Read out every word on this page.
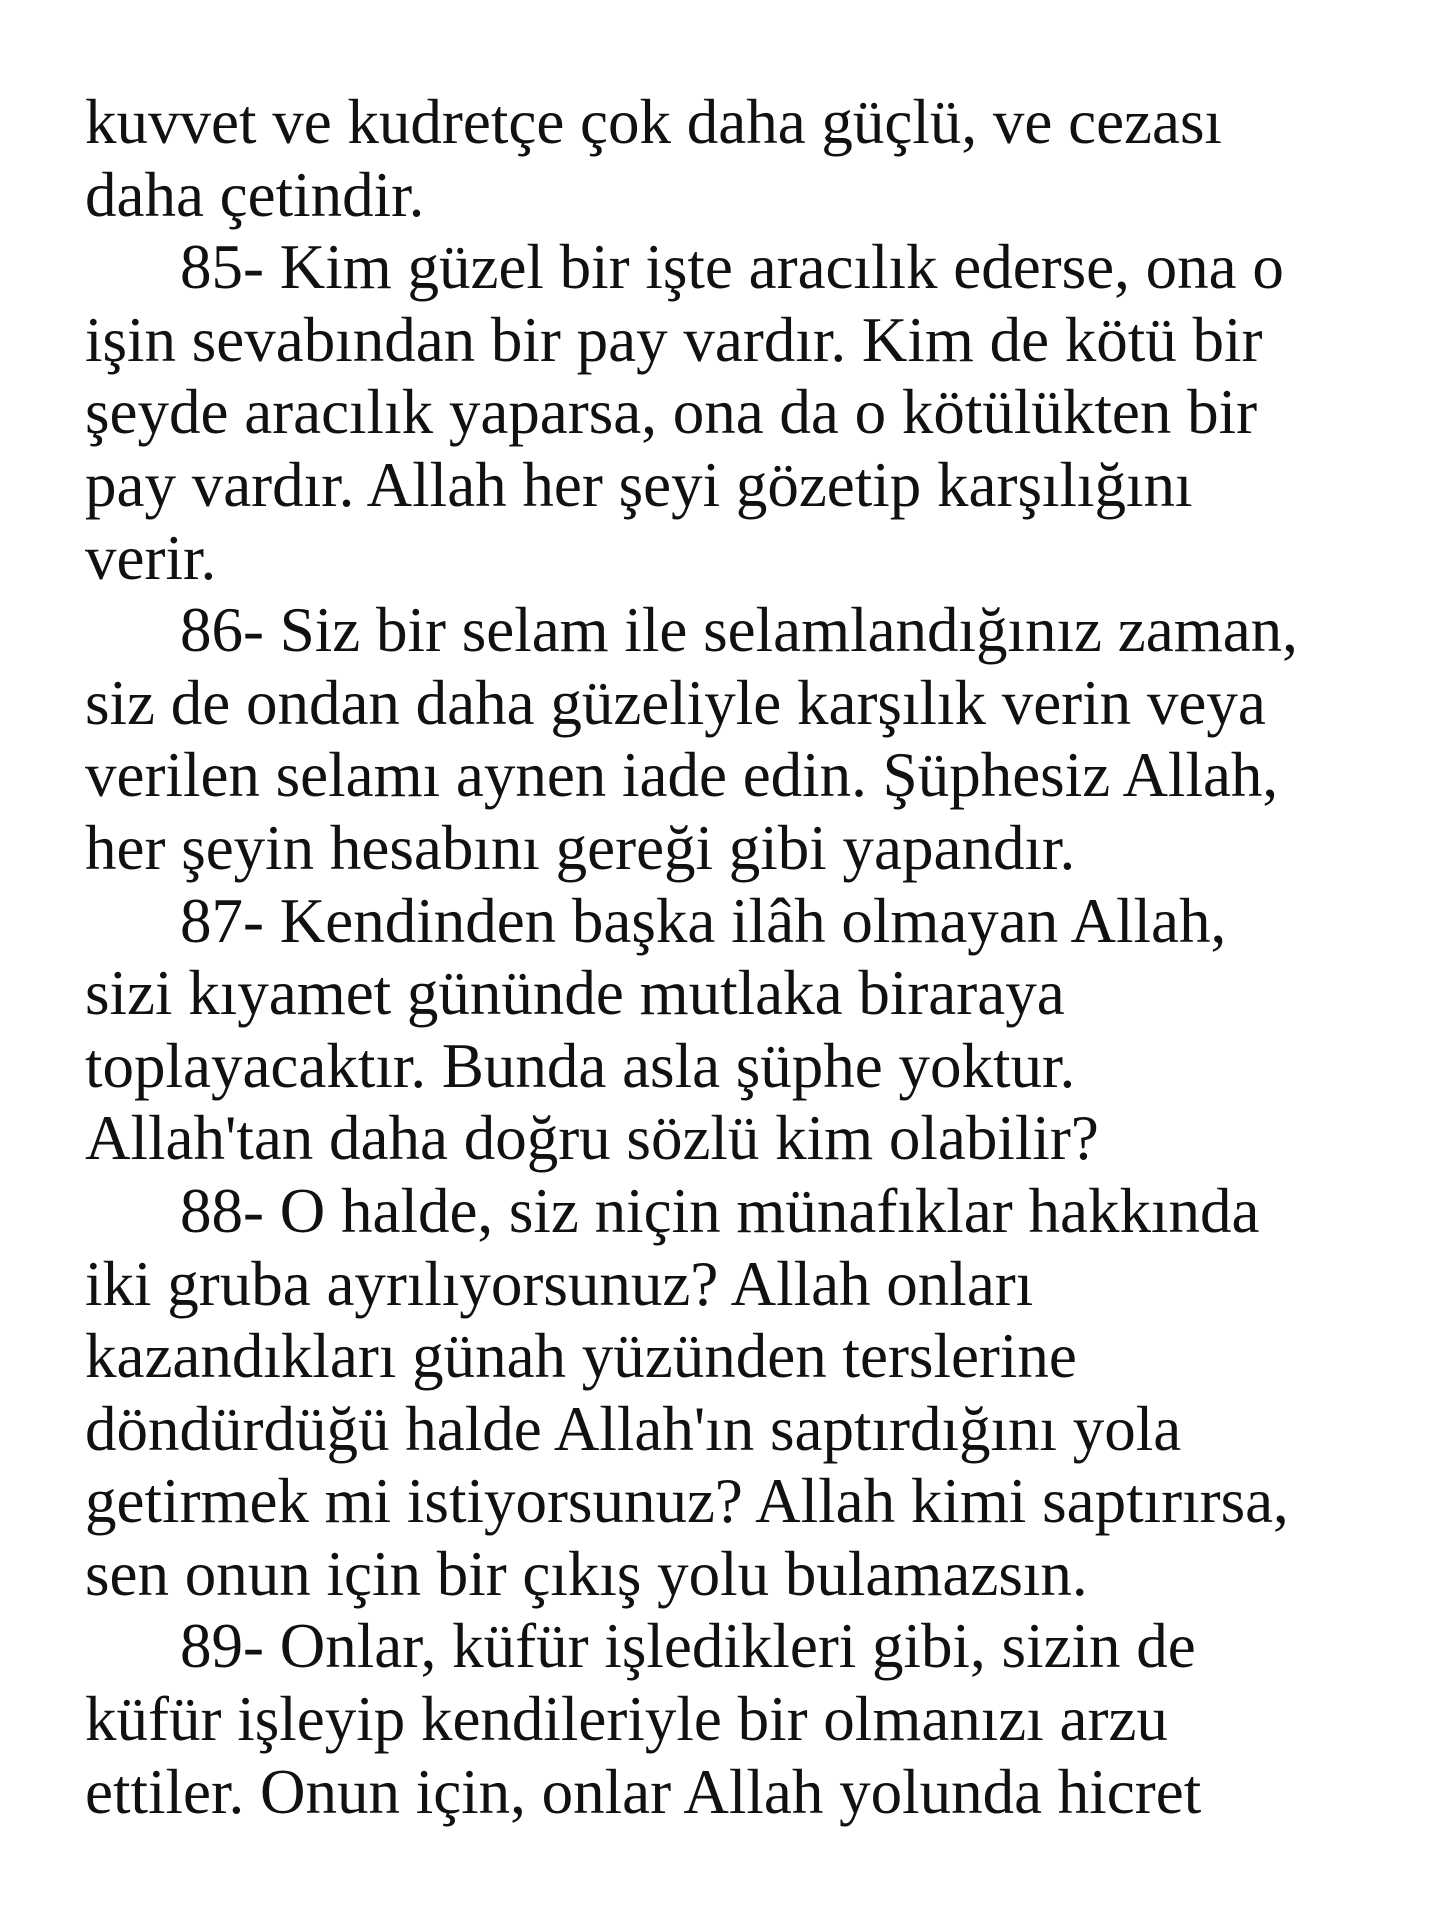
kuvvet ve kudretçe çok daha güçlü, ve cezası
daha çetindir.
85- Kim güzel bir işte aracılık ederse, ona o
işin sevabından bir pay vardır. Kim de kötü bir
şeyde aracılık yaparsa, ona da o kötülükten bir
pay vardır. Allah her şeyi gözetip karşılığını
verir.
86- Siz bir selam ile selamlandığınız zaman,
siz de ondan daha güzeliyle karşılık verin veya
verilen selamı aynen iade edin. Şüphesiz Allah,
her şeyin hesabını gereği gibi yapandır.
87- Kendinden başka ilâh olmayan Allah,
sizi kıyamet gününde mutlaka biraraya
toplayacaktır. Bunda asla şüphe yoktur.
Allah'tan daha doğru sözlü kim olabilir?
88- O halde, siz niçin münafıklar hakkında
iki gruba ayrılıyorsunuz? Allah onları
kazandıkları günah yüzünden terslerine
döndürdüğü halde Allah'ın saptırdığını yola
getirmek mi istiyorsunuz? Allah kimi saptırırsa,
sen onun için bir çıkış yolu bulamazsın.
89- Onlar, küfür işledikleri gibi, sizin de
küfür işleyip kendileriyle bir olmanızı arzu
ettiler. Onun için, onlar Allah yolunda hicret
